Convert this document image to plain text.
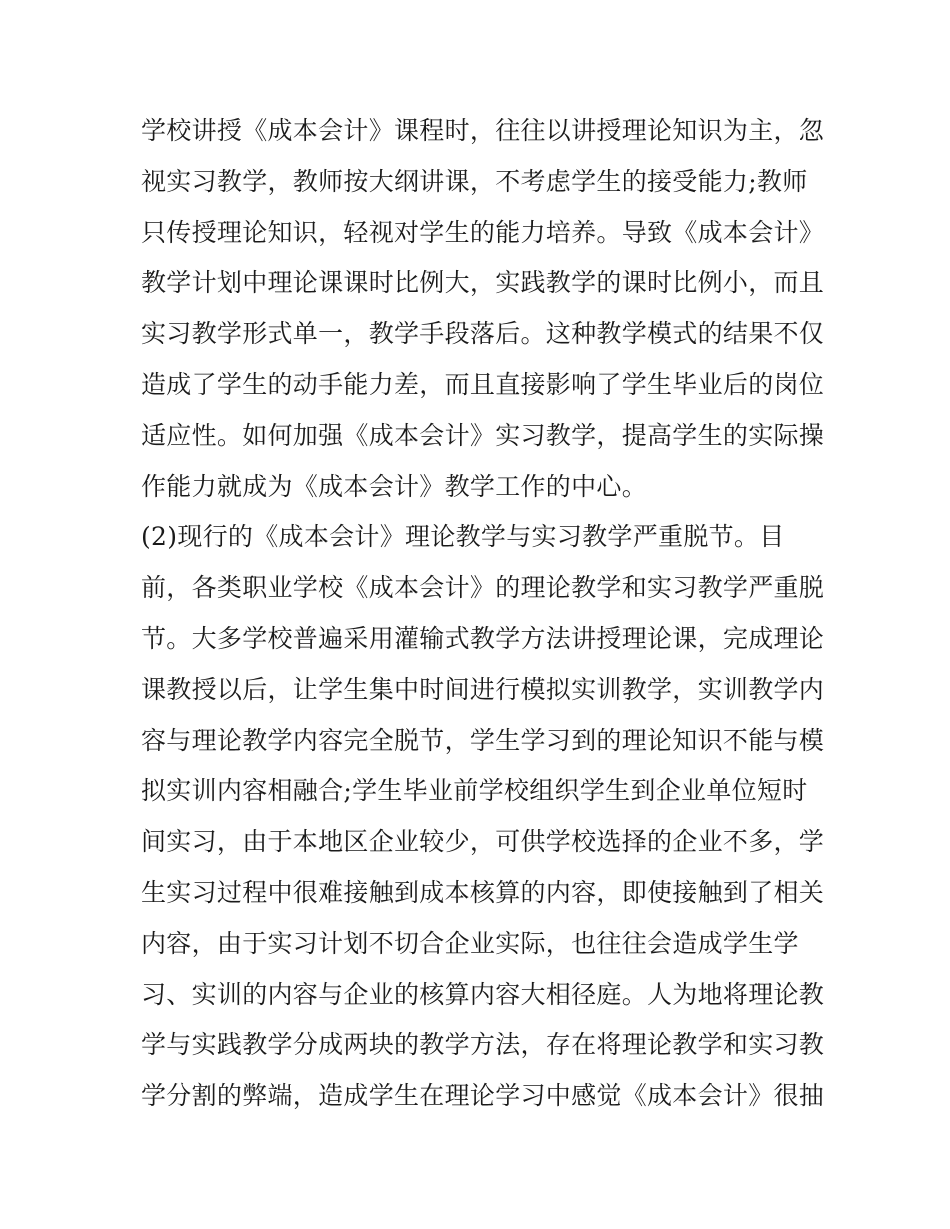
学校讲授《成本会计》课程时，往往以讲授理论知识为主，忽
视实习教学，教师按大纲讲课，不考虑学生的接受能力;教师
只传授理论知识，轻视对学生的能力培养。导致《成本会计》
教学计划中理论课课时比例大，实践教学的课时比例小，而且
实习教学形式单一，教学手段落后。这种教学模式的结果不仅
造成了学生的动手能力差，而且直接影响了学生毕业后的岗位
适应性。如何加强《成本会计》实习教学，提高学生的实际操
作能力就成为《成本会计》教学工作的中心。
(2)现行的《成本会计》理论教学与实习教学严重脱节。目
前，各类职业学校《成本会计》的理论教学和实习教学严重脱
节。大多学校普遍采用灌输式教学方法讲授理论课，完成理论
课教授以后，让学生集中时间进行模拟实训教学，实训教学内
容与理论教学内容完全脱节，学生学习到的理论知识不能与模
拟实训内容相融合;学生毕业前学校组织学生到企业单位短时
间实习，由于本地区企业较少，可供学校选择的企业不多，学
生实习过程中很难接触到成本核算的内容，即使接触到了相关
内容，由于实习计划不切合企业实际，也往往会造成学生学
习、实训的内容与企业的核算内容大相径庭。人为地将理论教
学与实践教学分成两块的教学方法，存在将理论教学和实习教
学分割的弊端，造成学生在理论学习中感觉《成本会计》很抽
